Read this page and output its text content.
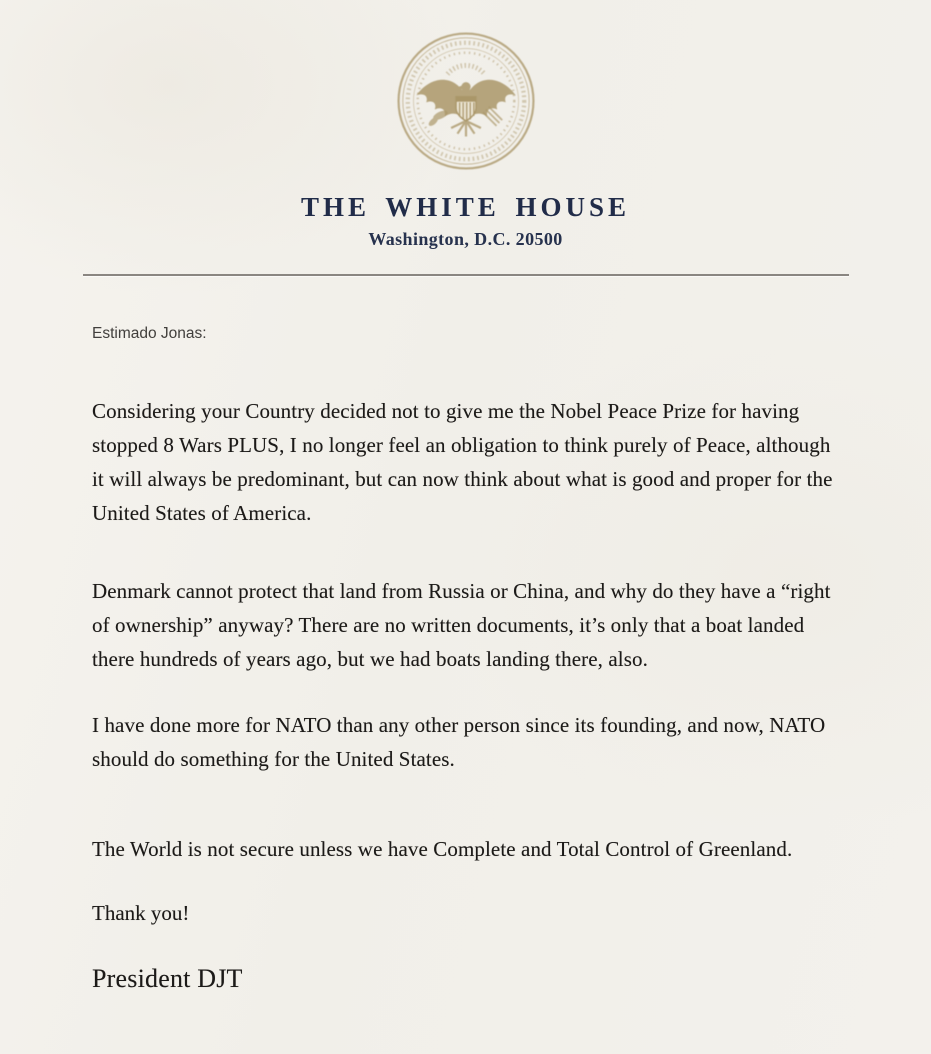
THE WHITE HOUSE
Washington, D.C. 20500

Estimado Jonas:

Considering your Country decided not to give me the Nobel Peace Prize for having stopped 8 Wars PLUS, I no longer feel an obligation to think purely of Peace, although it will always be predominant, but can now think about what is good and proper for the United States of America.

Denmark cannot protect that land from Russia or China, and why do they have a “right of ownership” anyway? There are no written documents, it’s only that a boat landed there hundreds of years ago, but we had boats landing there, also.

I have done more for NATO than any other person since its founding, and now, NATO should do something for the United States.

The World is not secure unless we have Complete and Total Control of Greenland.

Thank you!

President DJT
